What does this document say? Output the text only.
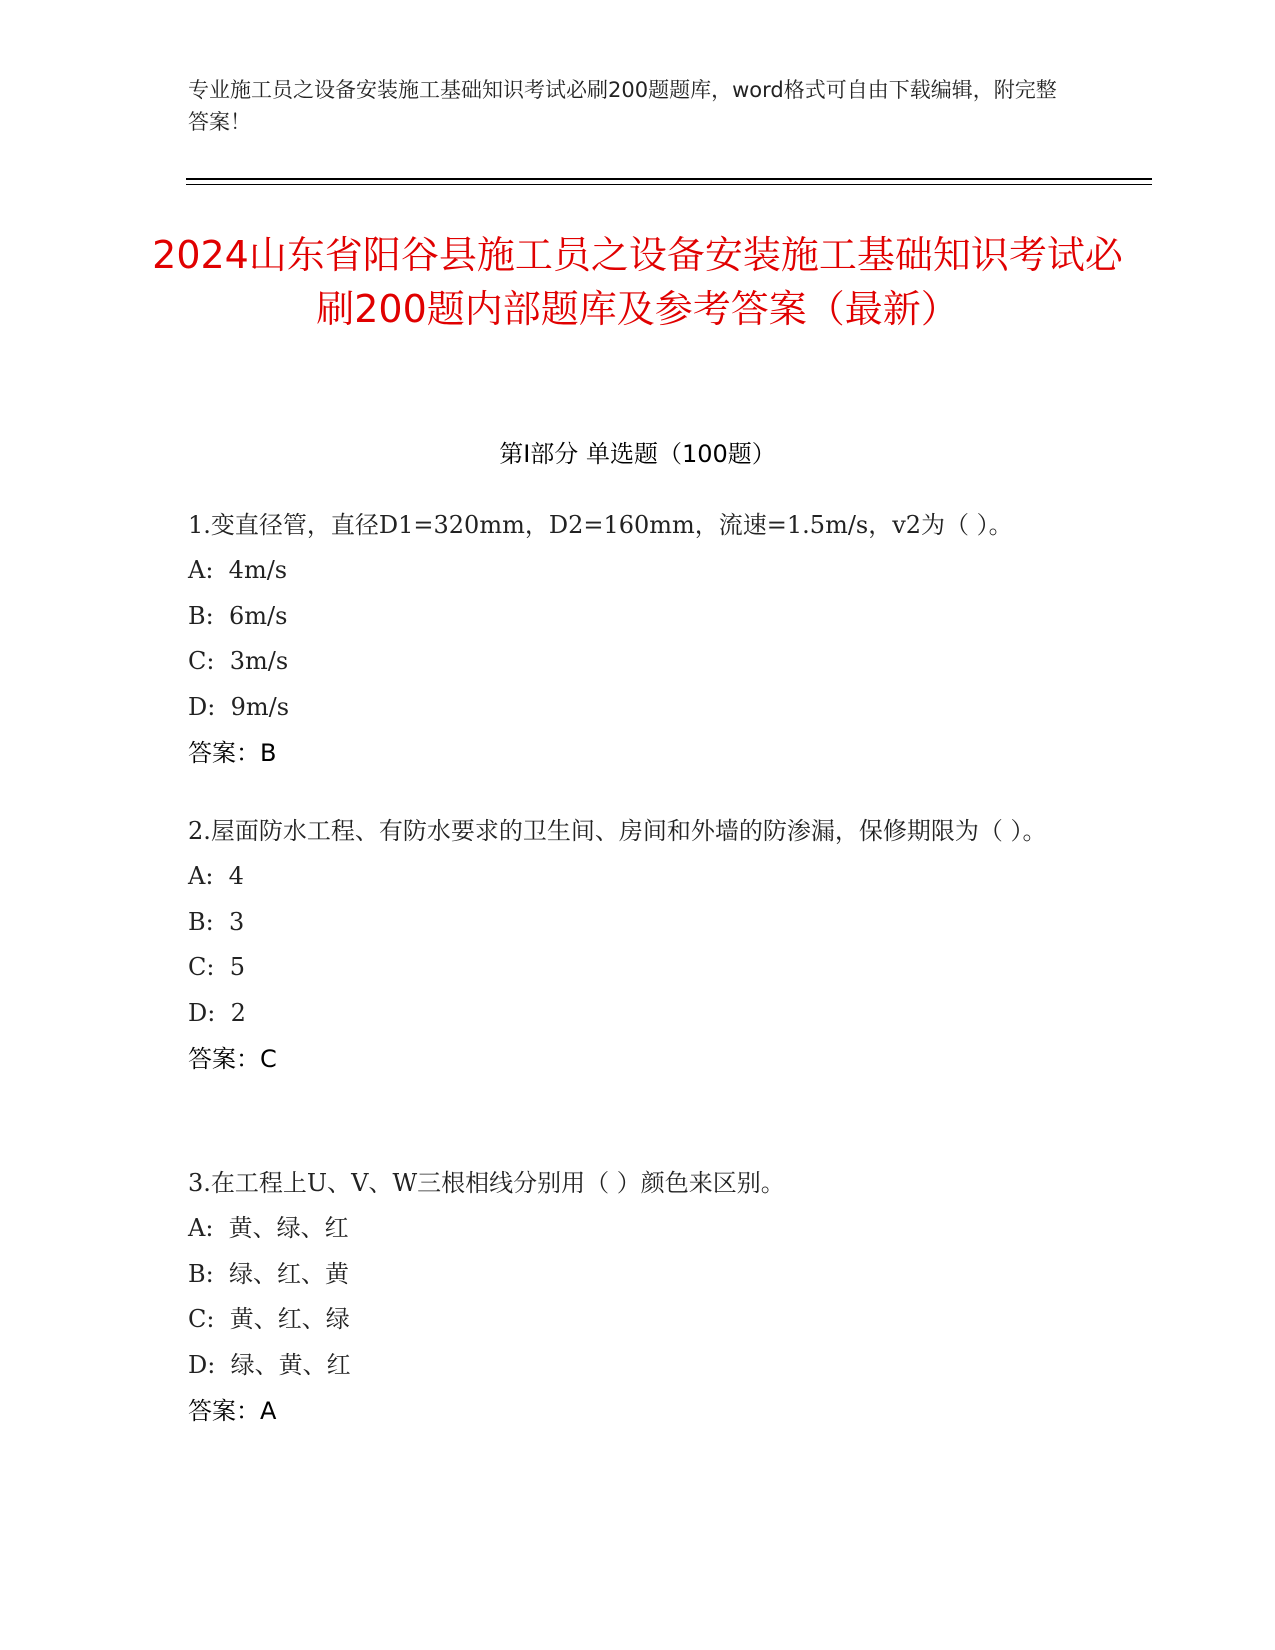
专业施工员之设备安装施工基础知识考试必刷200题题库，word格式可自由下载编辑，附完整答案！
2024山东省阳谷县施工员之设备安装施工基础知识考试必刷200题内部题库及参考答案（最新）
第Ⅰ部分 单选题（100题）
1.变直径管，直径D1=320mm，D2=160mm，流速=1.5m/s，v2为（ ）。
A:  4m/s
B:  6m/s
C:  3m/s
D:  9m/s
答案：B
2.屋面防水工程、有防水要求的卫生间、房间和外墙的防渗漏，保修期限为（ ）。
A:  4
B:  3
C:  5
D:  2
答案：C
3.在工程上U、V、W三根相线分别用（ ）颜色来区别。
A:  黄、绿、红
B:  绿、红、黄
C:  黄、红、绿
D:  绿、黄、红
答案：A
